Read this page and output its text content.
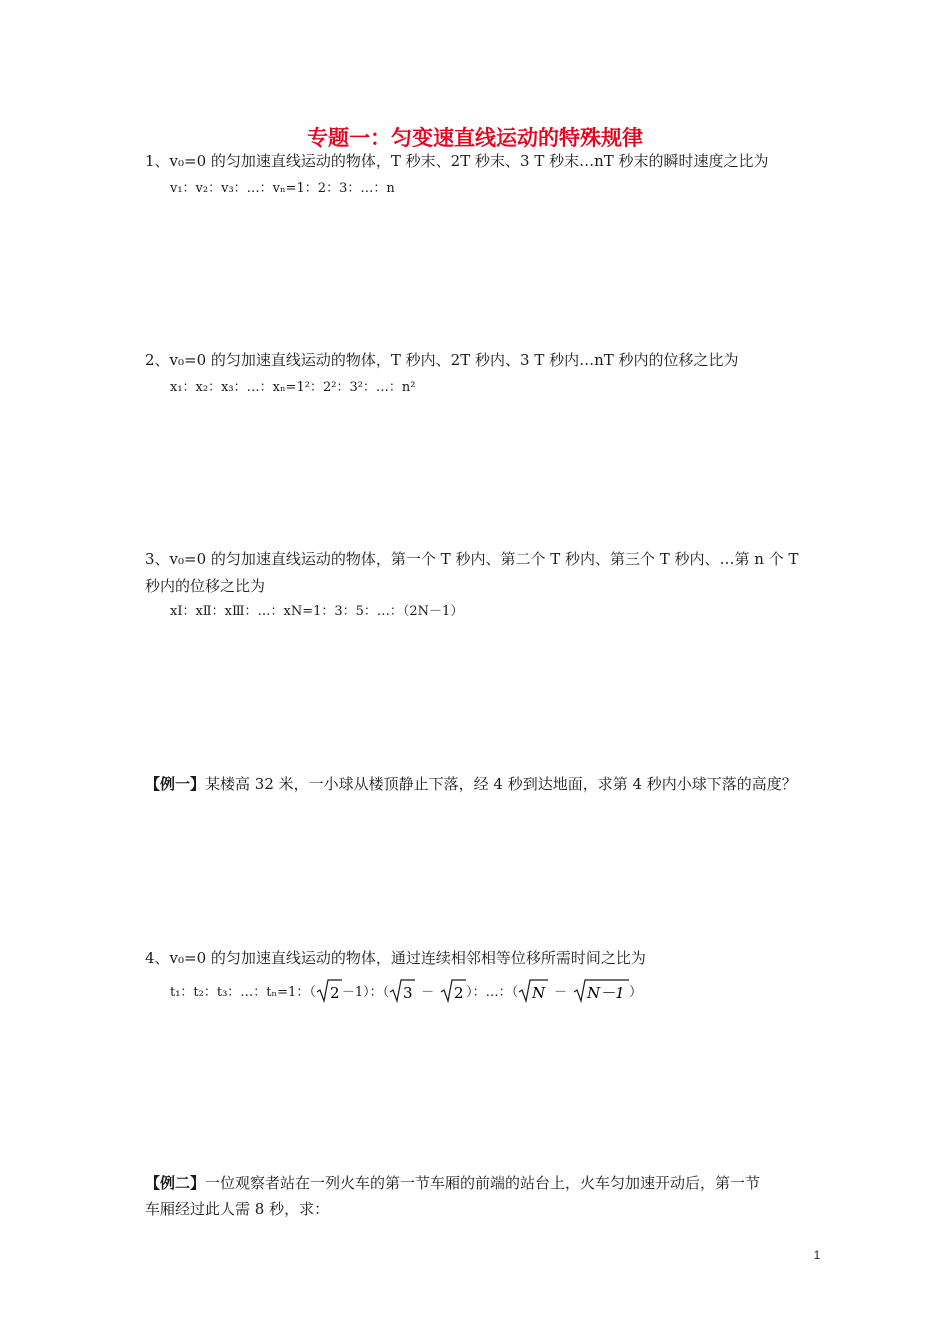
专题一：匀变速直线运动的特殊规律
1、v₀=0 的匀加速直线运动的物体，T 秒末、2T 秒末、3 T 秒末…nT 秒末的瞬时速度之比为
v₁：v₂：v₃：…：vₙ=1：2：3：…：n
2、v₀=0 的匀加速直线运动的物体，T 秒内、2T 秒内、3 T 秒内…nT 秒内的位移之比为
x₁：x₂：x₃：…：xₙ=1²：2²：3²：…：n²
3、v₀=0 的匀加速直线运动的物体，第一个 T 秒内、第二个 T 秒内、第三个 T 秒内、…第 n 个 T
秒内的位移之比为
xⅠ：xⅡ：xⅢ：…：xN=1：3：5：…：（2N－1）
【例一】某楼高 32 米，一小球从楼顶静止下落，经 4 秒到达地面，求第 4 秒内小球下落的高度？
4、v₀=0 的匀加速直线运动的物体，通过连续相邻相等位移所需时间之比为
t₁：t₂：t₃：…：tₙ=1：（ 2 －1）：（ 3 － 2 ）：…：（ N － N－1 ）
【例二】一位观察者站在一列火车的第一节车厢的前端的站台上，火车匀加速开动后，第一节
车厢经过此人需 8 秒，求：
1
